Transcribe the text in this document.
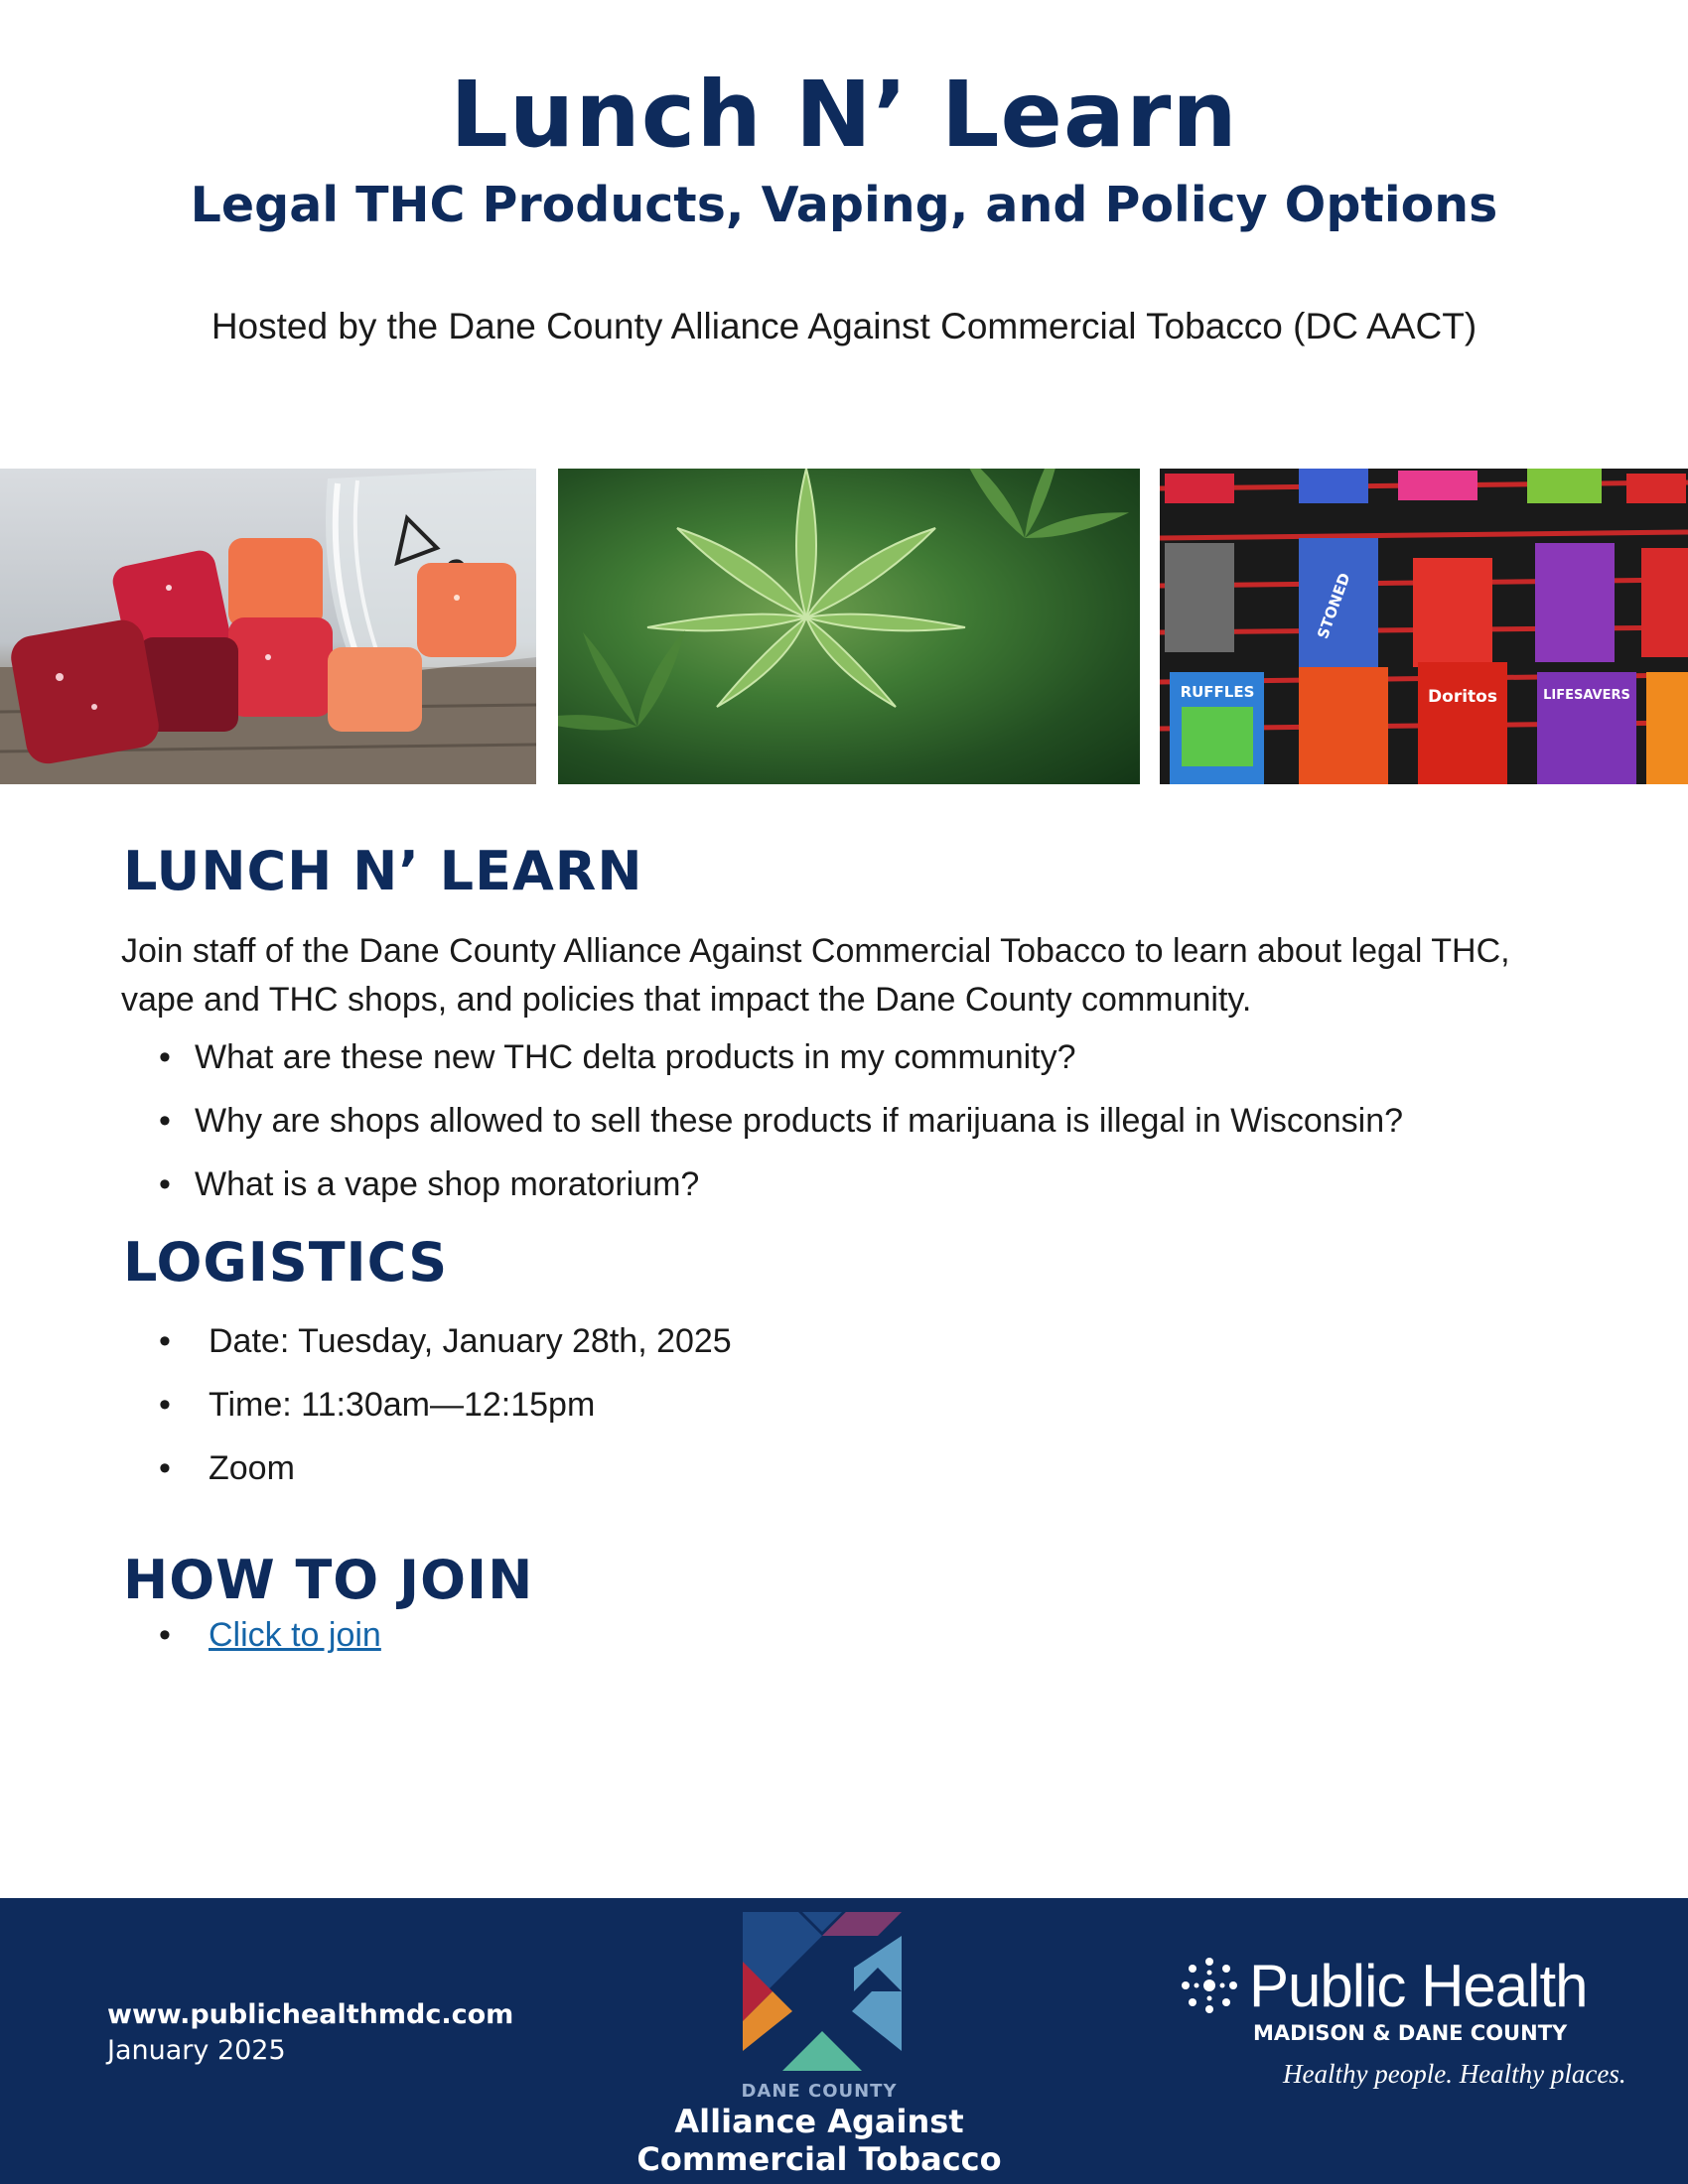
Lunch N’ Learn
Legal THC Products, Vaping, and Policy Options
Hosted by the Dane County Alliance Against Commercial Tobacco (DC AACT)
RUFFLES	Doritos	LIFESAVERS
STONED
LUNCH N’ LEARN
Join staff of the Dane County Alliance Against Commercial Tobacco to learn about legal THC, vape and THC shops, and policies that impact the Dane County community.
• What are these new THC delta products in my community?
• Why are shops allowed to sell these products if marijuana is illegal in Wisconsin?
• What is a vape shop moratorium?
LOGISTICS
• Date: Tuesday, January 28th, 2025
• Time: 11:30am—12:15pm
• Zoom
HOW TO JOIN
• Click to join
www.publichealthmdc.com
January 2025
DANE COUNTY
Alliance Against
Commercial Tobacco
Public Health
MADISON & DANE COUNTY
Healthy people. Healthy places.
